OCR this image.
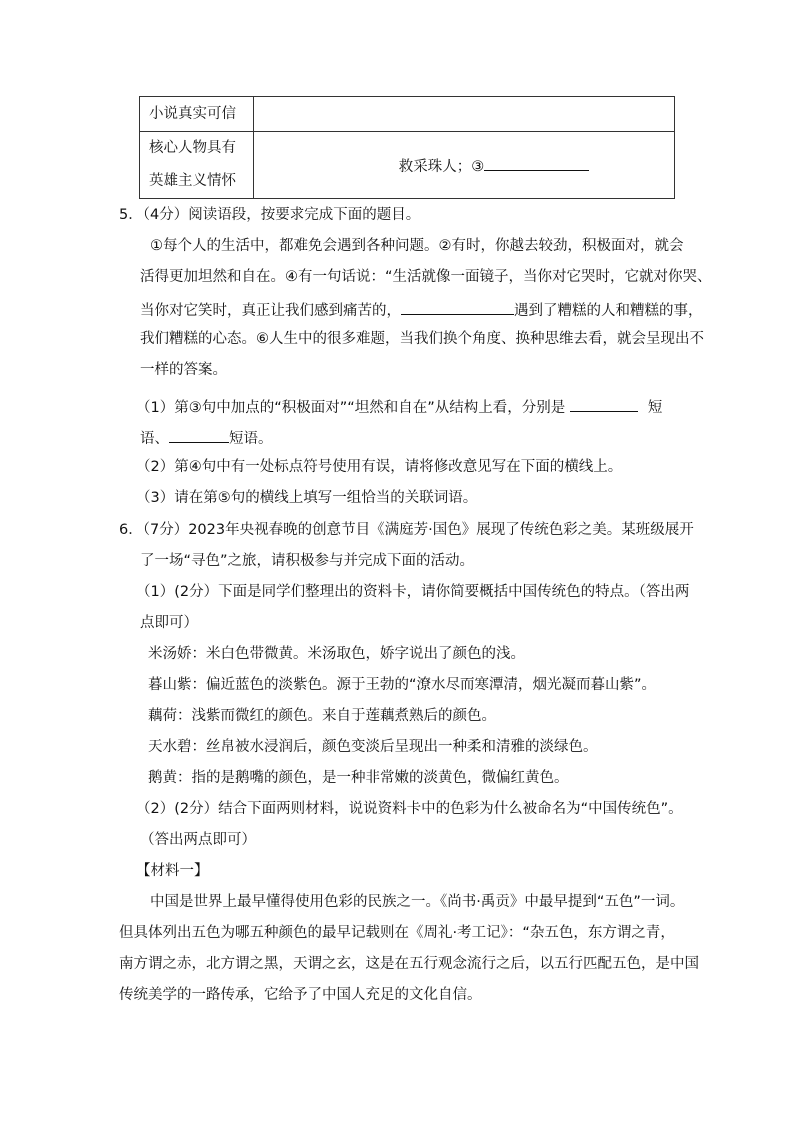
小说真实可信	

核心人物具有
英雄主义情怀	救采珠人；③
5．（4分）阅读语段，按要求完成下面的题目。
①每个人的生活中，都难免会遇到各种问题。②有时，你越去较劲，积极面对，就会
活得更加坦然和自在。④有一句话说：“生活就像一面镜子，当你对它哭时，它就对你哭、
当你对它笑时，真正让我们感到痛苦的，	遇到了糟糕的人和糟糕的事，
我们糟糕的心态。⑥人生中的很多难题，当我们换个角度、换种思维去看，就会呈现出不
一样的答案。
（1）第③句中加点的“积极面对”“坦然和自在”从结构上看，分别是	短
语、	短语。
（2）第④句中有一处标点符号使用有误，请将修改意见写在下面的横线上。
（3）请在第⑤句的横线上填写一组恰当的关联词语。
6．（7分）2023年央视春晚的创意节目《满庭芳·国色》展现了传统色彩之美。某班级展开
了一场“寻色”之旅，请积极参与并完成下面的活动。
（1）(2分）下面是同学们整理出的资料卡，请你简要概括中国传统色的特点。（答出两
点即可）
米汤娇：米白色带微黄。米汤取色，娇字说出了颜色的浅。
暮山紫：偏近蓝色的淡紫色。源于王勃的“潦水尽而寒潭清，烟光凝而暮山紫”。
藕荷：浅紫而微红的颜色。来自于莲藕煮熟后的颜色。
天水碧：丝帛被水浸润后，颜色变淡后呈现出一种柔和清雅的淡绿色。
鹅黄：指的是鹅嘴的颜色，是一种非常嫩的淡黄色，微偏红黄色。
（2）(2分）结合下面两则材料，说说资料卡中的色彩为什么被命名为“中国传统色”。
（答出两点即可）
【材料一】
中国是世界上最早懂得使用色彩的民族之一。《尚书·禹贡》中最早提到“五色”一词。
但具体列出五色为哪五种颜色的最早记载则在《周礼·考工记》：“杂五色，东方谓之青，
南方谓之赤，北方谓之黑，天谓之玄，这是在五行观念流行之后，以五行匹配五色，是中国
传统美学的一路传承，它给予了中国人充足的文化自信。
